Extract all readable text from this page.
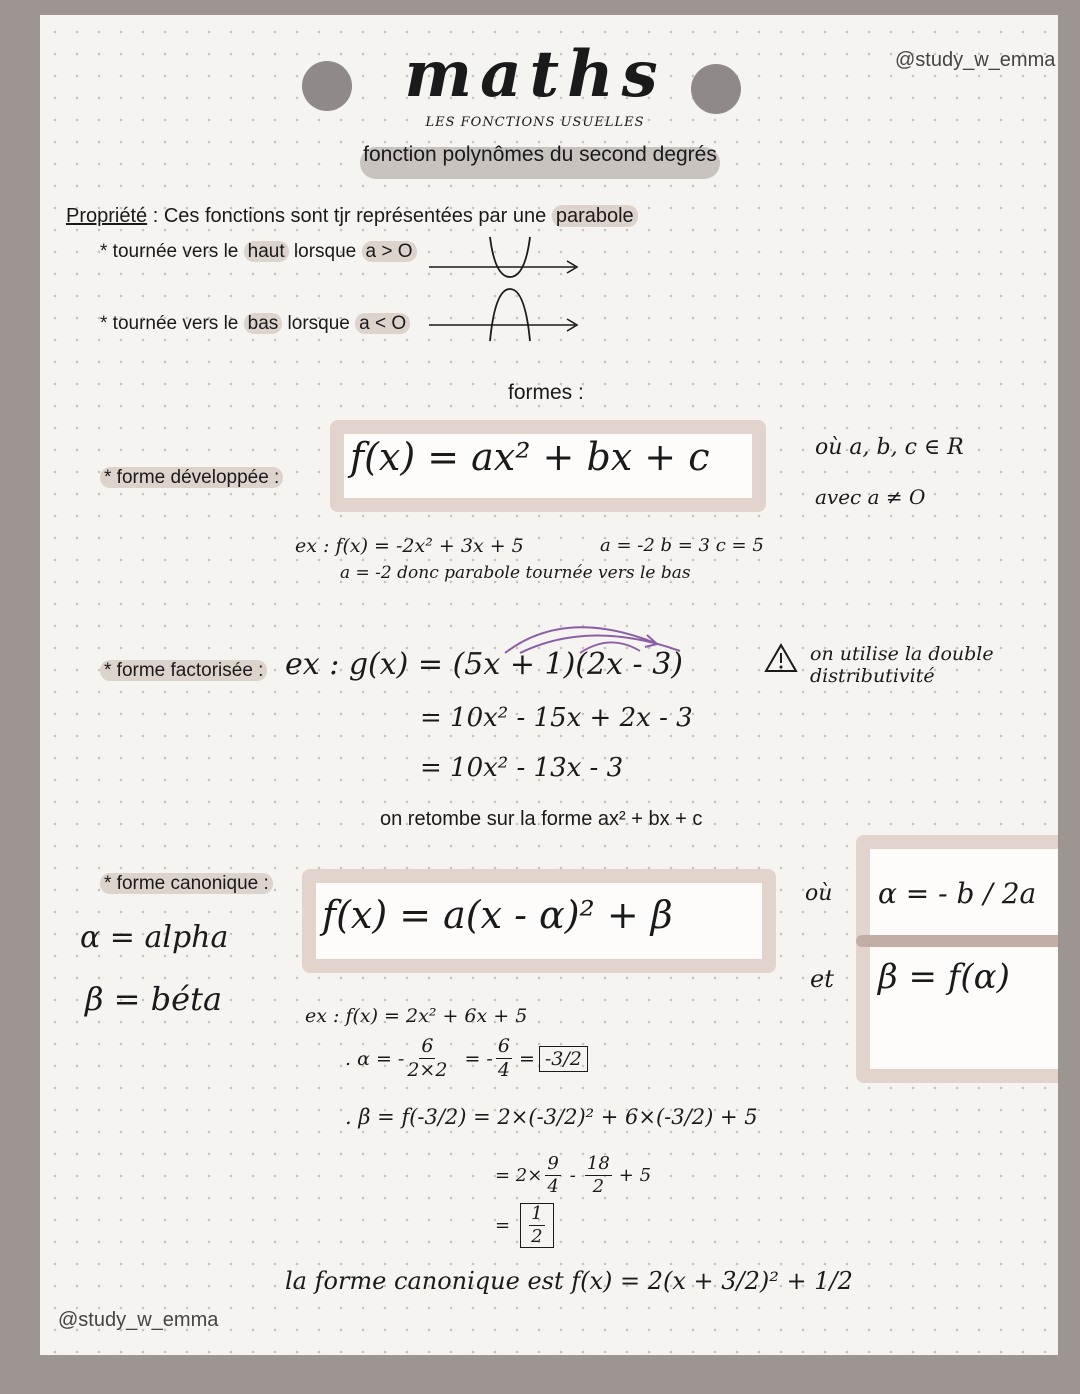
@study_w_emma
@study_w_emma
maths
LES FONCTIONS USUELLES
fonction polynômes du second degrés
Propriété : Ces fonctions sont tjr représentées par une parabole
* tournée vers le haut lorsque a > O
* tournée vers le bas lorsque a < O
formes :
* forme développée : f(x) = ax² + bx + c	où a, b, c ∈ R
avec a ≠ O
ex : f(x) = -2x² + 3x + 5	a = -2 b = 3 c = 5
a = -2 donc parabole tournée vers le bas
* forme factorisée : ex : g(x) = (5x + 1)(2x - 3)
= 10x² - 15x + 2x - 3
= 10x² - 13x - 3
on utilise la double distributivité
on retombe sur la forme ax² + bx + c
* forme canonique :
α = alpha
β = béta
f(x) = a(x - α)² + β	où
et
α = - b / 2a
β = f(α)
ex : f(x) = 2x² + 6x + 5
. α = - $\frac{6}{2\times 2}$ = - $\frac{6}{4} = -3/2$
. β = f(-3/2) = 2×(-3/2)² + 6×(-3/2) + 5
= $2\times \frac{9}{4} - \frac{18}{2} + 5$
= $\frac{1}{2}$
la forme canonique est f(x) = 2(x + 3/2)² + 1/2
